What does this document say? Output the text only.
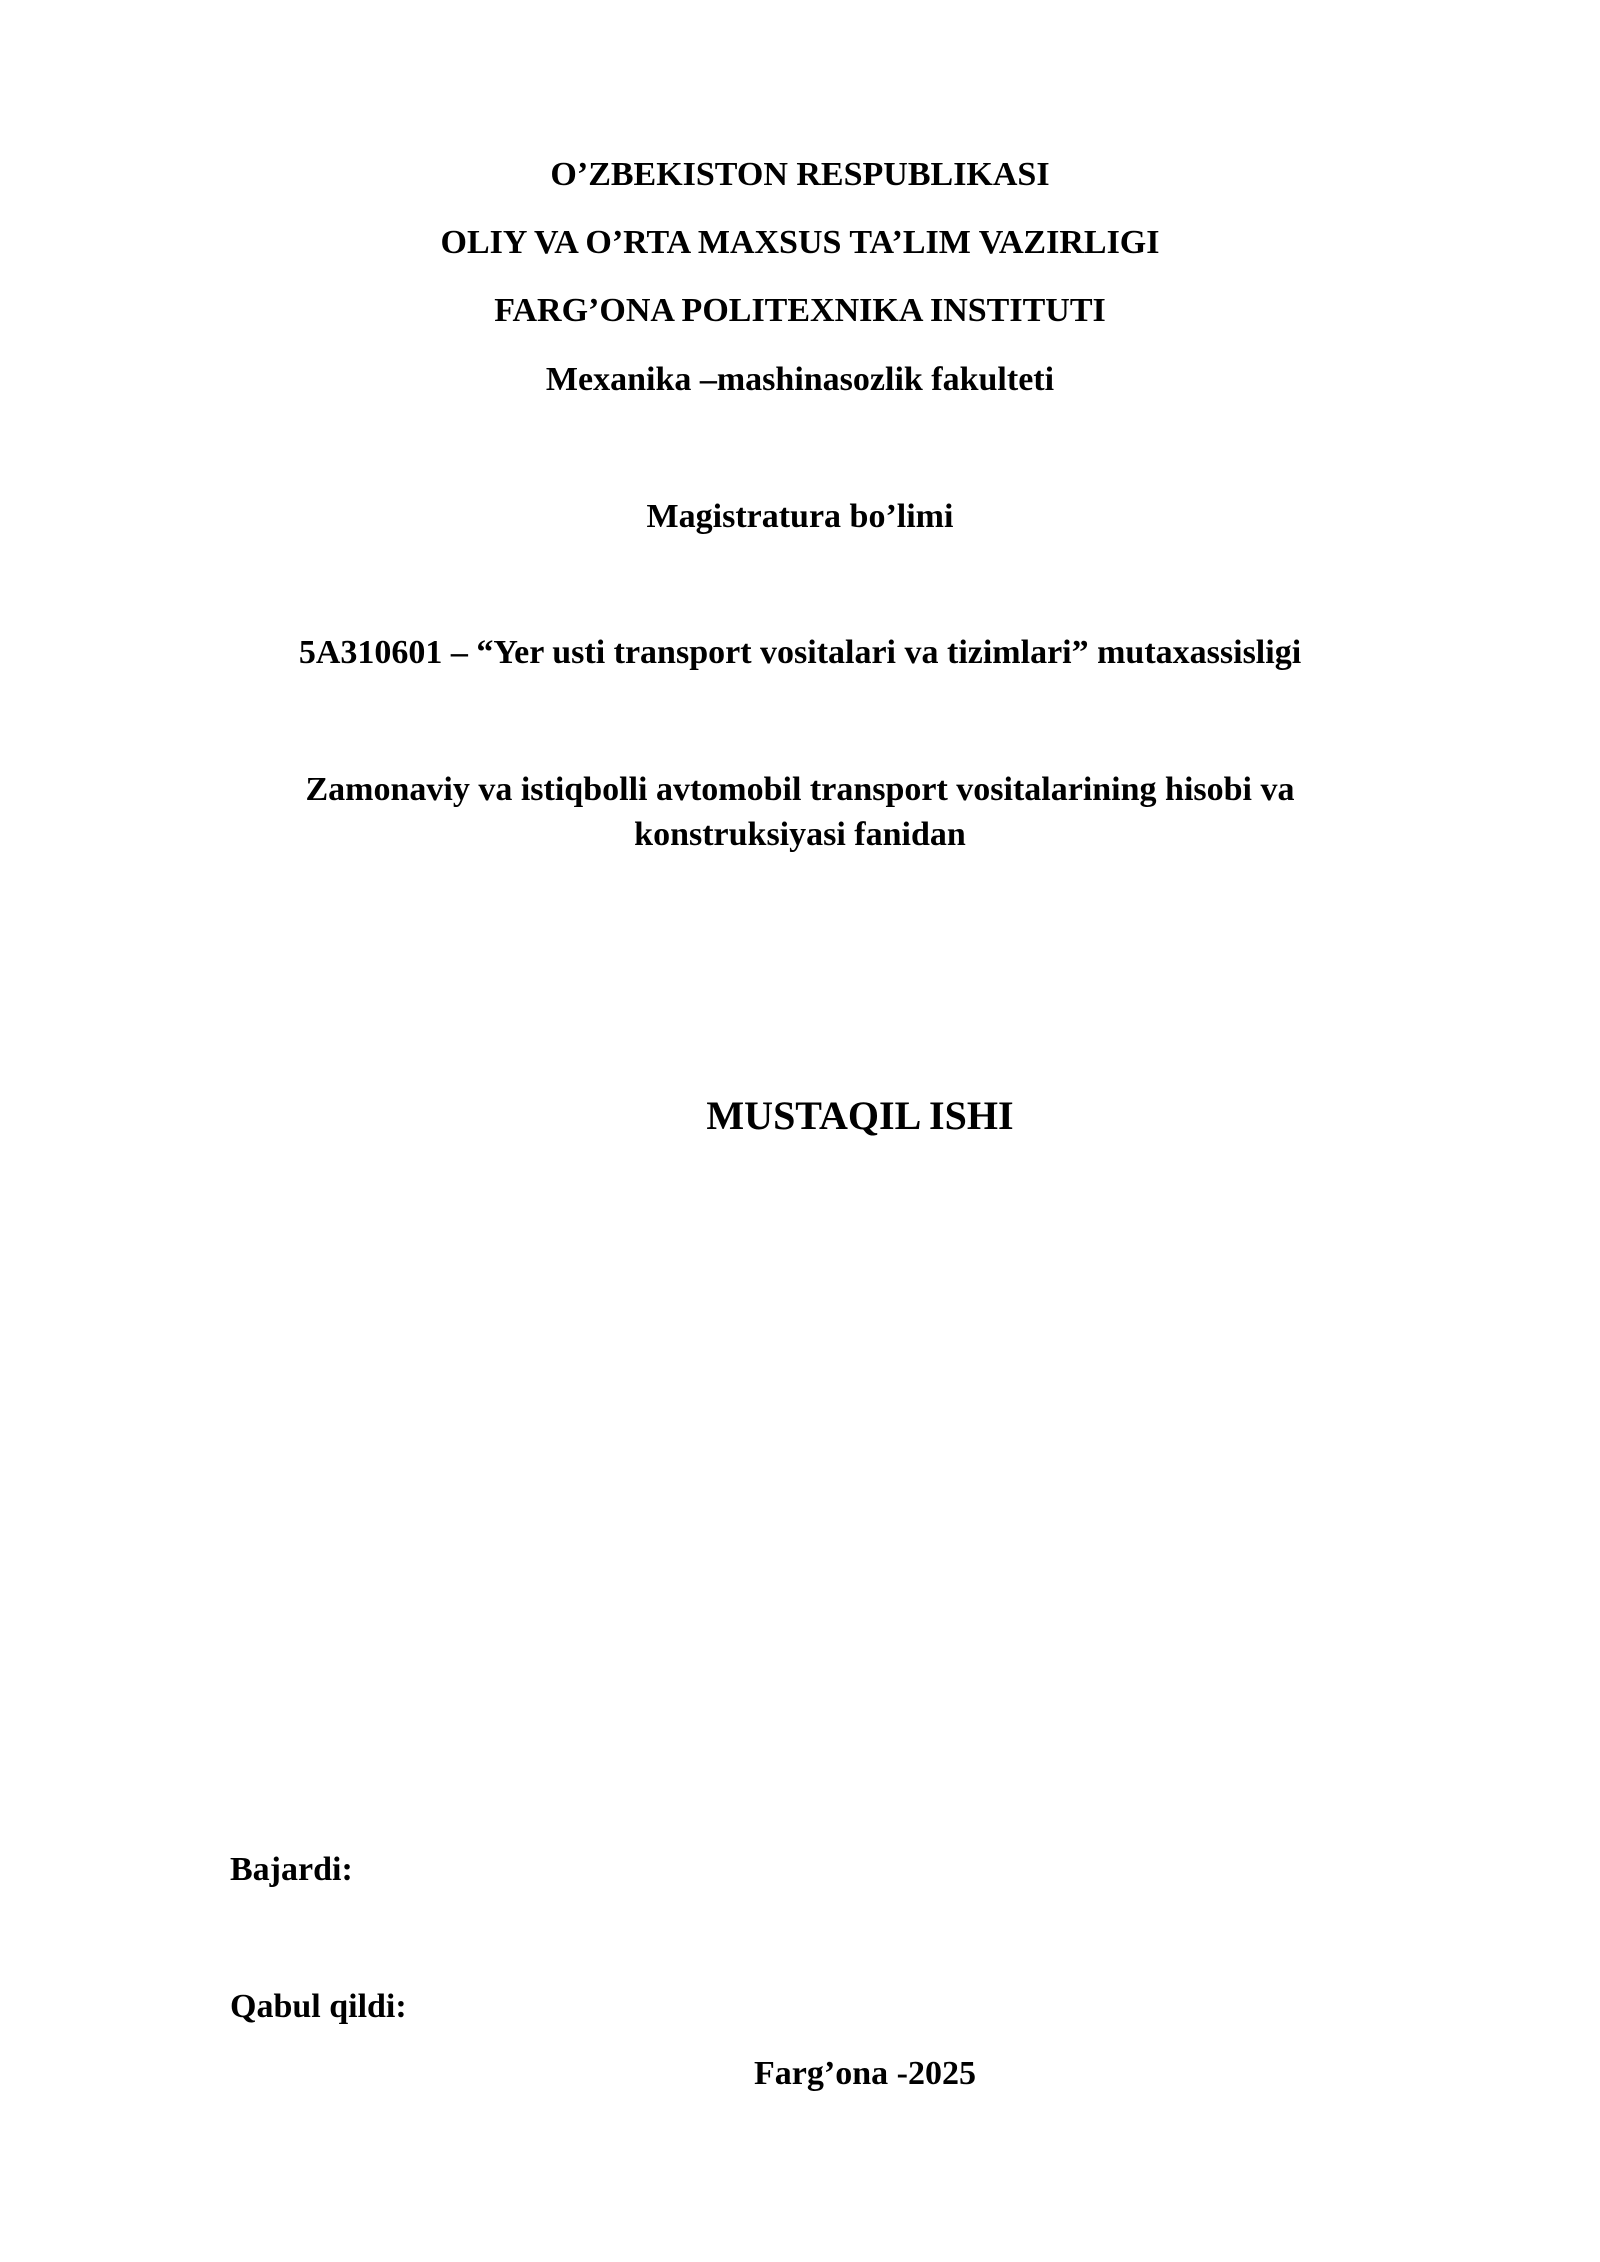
O’ZBEKISTON RESPUBLIKASI
OLIY VA O’RTA MAXSUS TA’LIM VAZIRLIGI
FARG’ONA POLITEXNIKA INSTITUTI
Mexanika –mashinasozlik fakulteti
Magistratura bo’limi
5A310601 – “Yer usti transport vositalari va tizimlari” mutaxassisligi
Zamonaviy va istiqbolli avtomobil transport vositalarining hisobi va
konstruksiyasi fanidan
MUSTAQIL ISHI
Bajardi:
Qabul qildi:
Farg’ona -2025
